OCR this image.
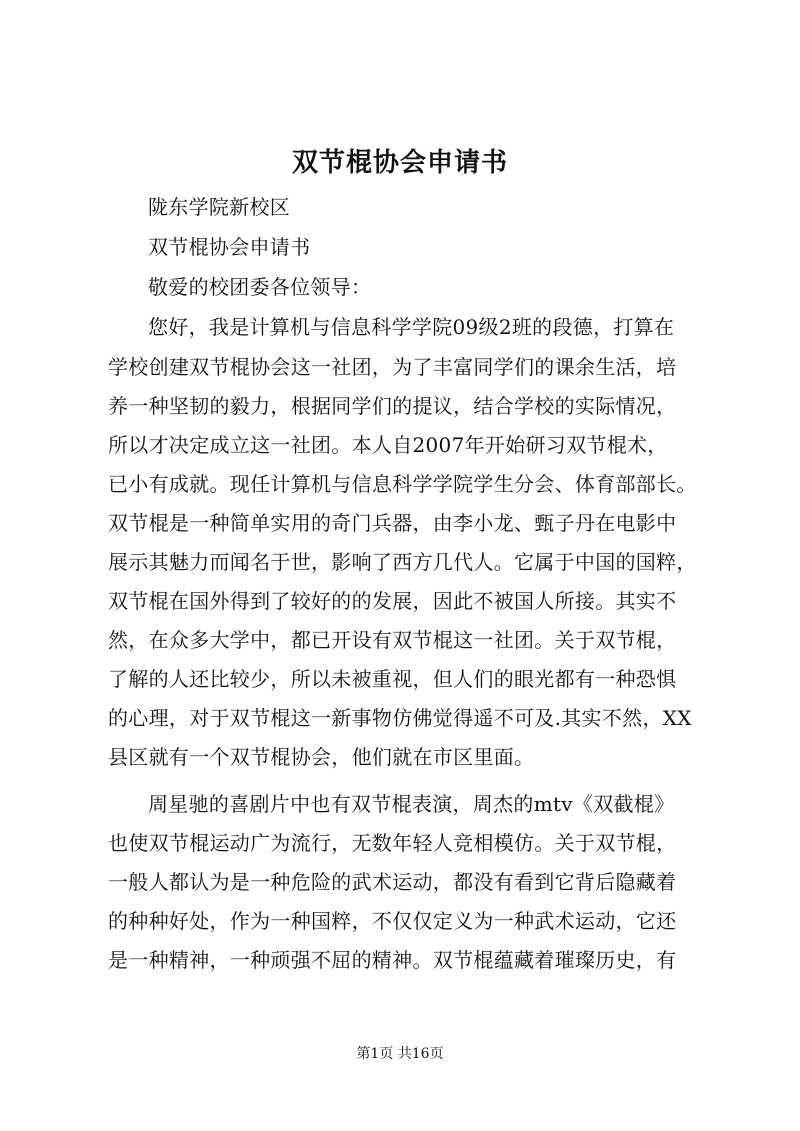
双节棍协会申请书
陇东学院新校区
双节棍协会申请书
敬爱的校团委各位领导：
您好，我是计算机与信息科学学院09级2班的段德，打算在
学校创建双节棍协会这一社团，为了丰富同学们的课余生活，培
养一种坚韧的毅力，根据同学们的提议，结合学校的实际情况，
所以才决定成立这一社团。本人自2007年开始研习双节棍术，
已小有成就。现任计算机与信息科学学院学生分会、体育部部长。
双节棍是一种简单实用的奇门兵器，由李小龙、甄子丹在电影中
展示其魅力而闻名于世，影响了西方几代人。它属于中国的国粹，
双节棍在国外得到了较好的的发展，因此不被国人所接。其实不
然，在众多大学中，都已开设有双节棍这一社团。关于双节棍，
了解的人还比较少，所以未被重视，但人们的眼光都有一种恐惧
的心理，对于双节棍这一新事物仿佛觉得遥不可及.其实不然，XX
县区就有一个双节棍协会，他们就在市区里面。
周星驰的喜剧片中也有双节棍表演，周杰的mtv《双截棍》
也使双节棍运动广为流行，无数年轻人竞相模仿。关于双节棍，
一般人都认为是一种危险的武术运动，都没有看到它背后隐藏着
的种种好处，作为一种国粹，不仅仅定义为一种武术运动，它还
是一种精神，一种顽强不屈的精神。双节棍蕴藏着璀璨历史，有
第1页 共16页
